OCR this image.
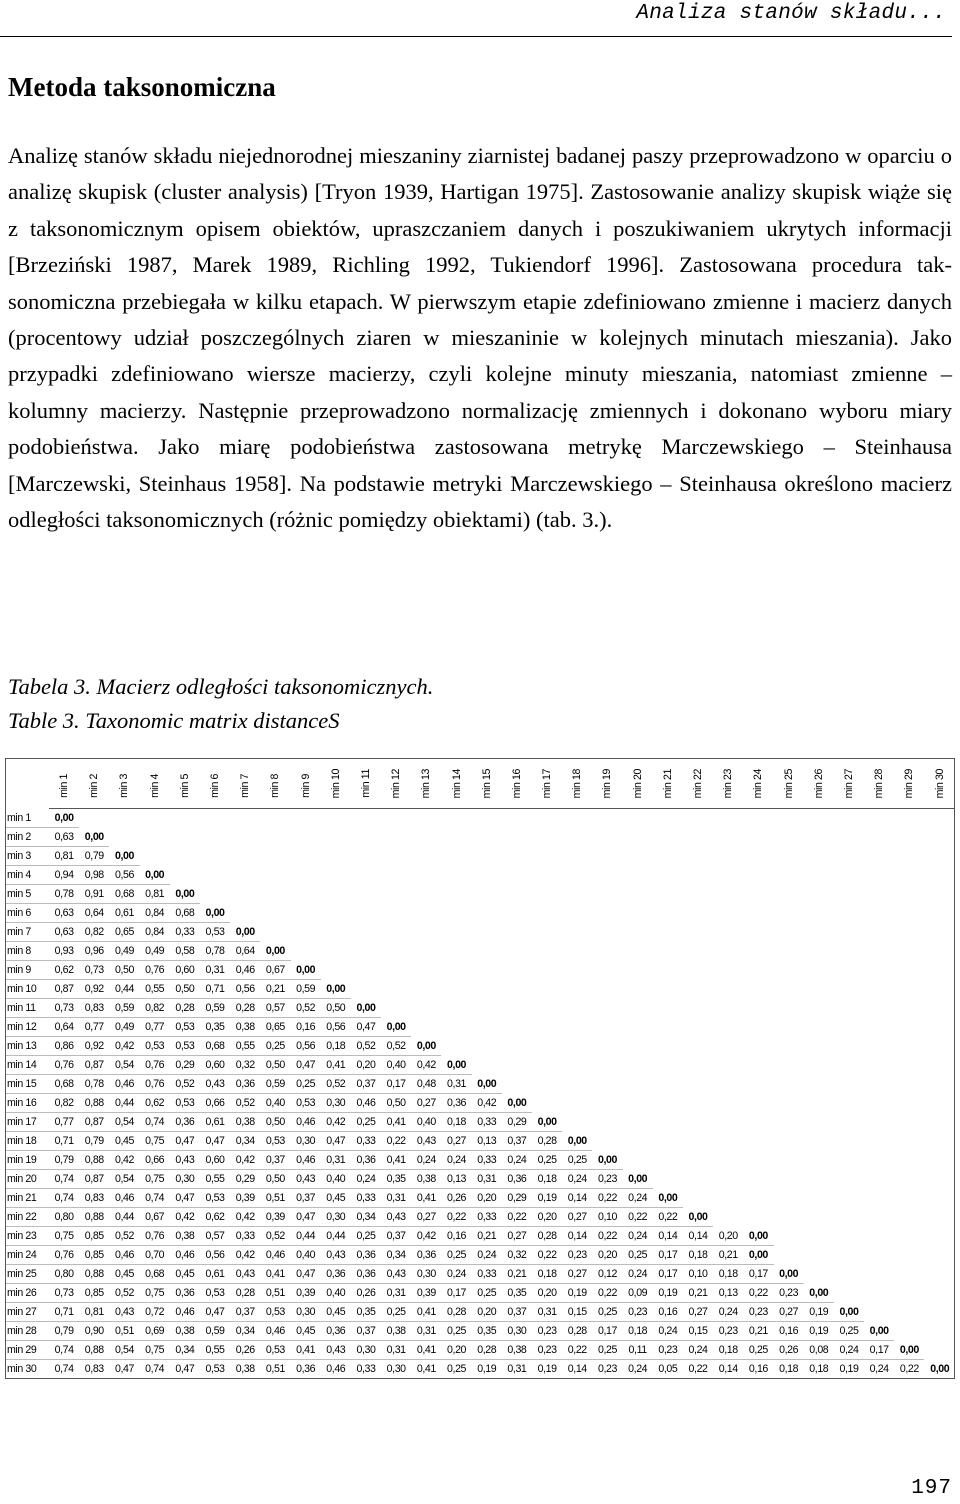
Analiza stanów składu...
Metoda taksonomiczna

Analizę stanów składu niejednorodnej mieszaniny ziarnistej badanej paszy przeprowadzono w oparciu o analizę skupisk (cluster analysis) [Tryon 1939, Hartigan 1975]. Zastosowanie analizy skupisk wiąże się z taksonomicznym opisem obiektów, upraszczaniem danych i poszukiwaniem ukrytych informacji [Brzeziński 1987, Marek 1989, Richling 1992, Tukiendorf 1996]. Zastosowana procedura taksonomiczna przebiegała w kilku etapach. W pierwszym etapie zdefiniowano zmienne i macierz danych (procentowy udział poszczególnych ziaren w mieszaninie w kolejnych minutach mieszania). Jako przypadki zdefiniowano wiersze macierzy, czyli kolejne minuty mieszania, natomiast zmienne – kolumny macierzy. Następnie przeprowadzono normalizację zmiennych i dokonano wyboru miary podobieństwa. Jako miarę podobieństwa zastosowana metrykę Marczewskiego – Steinhausa [Marczewski, Steinhaus 1958]. Na podstawie metryki Marczewskiego – Steinhausa określono macierz odległości taksonomicznych (różnic pomiędzy obiektami) (tab. 3.).

Tabela 3. Macierz odległości taksonomicznych.

Table 3. Taxonomic matrix distanceS

	min 1	min 2	min 3	min 4	min 5	min 6	min 7	min 8	min 9	min 10	min 11	min 12	min 13	min 14	min 15	min 16	min 17	min 18	min 19	min 20	min 21	min 22	min 23	min 24	min 25	min 26	min 27	min 28	min 29	min 30
min 1	0,00																													
min 2	0,63	0,00																												
min 3	0,81	0,79	0,00																											
min 4	0,94	0,98	0,56	0,00																										
min 5	0,78	0,91	0,68	0,81	0,00																									
min 6	0,63	0,64	0,61	0,84	0,68	0,00																								
min 7	0,63	0,82	0,65	0,84	0,33	0,53	0,00																							
min 8	0,93	0,96	0,49	0,49	0,58	0,78	0,64	0,00																						
min 9	0,62	0,73	0,50	0,76	0,60	0,31	0,46	0,67	0,00																					
min 10	0,87	0,92	0,44	0,55	0,50	0,71	0,56	0,21	0,59	0,00																				
min 11	0,73	0,83	0,59	0,82	0,28	0,59	0,28	0,57	0,52	0,50	0,00																			
min 12	0,64	0,77	0,49	0,77	0,53	0,35	0,38	0,65	0,16	0,56	0,47	0,00																		
min 13	0,86	0,92	0,42	0,53	0,53	0,68	0,55	0,25	0,56	0,18	0,52	0,52	0,00																	
min 14	0,76	0,87	0,54	0,76	0,29	0,60	0,32	0,50	0,47	0,41	0,20	0,40	0,42	0,00																
min 15	0,68	0,78	0,46	0,76	0,52	0,43	0,36	0,59	0,25	0,52	0,37	0,17	0,48	0,31	0,00															
min 16	0,82	0,88	0,44	0,62	0,53	0,66	0,52	0,40	0,53	0,30	0,46	0,50	0,27	0,36	0,42	0,00														
min 17	0,77	0,87	0,54	0,74	0,36	0,61	0,38	0,50	0,46	0,42	0,25	0,41	0,40	0,18	0,33	0,29	0,00													
min 18	0,71	0,79	0,45	0,75	0,47	0,47	0,34	0,53	0,30	0,47	0,33	0,22	0,43	0,27	0,13	0,37	0,28	0,00												
min 19	0,79	0,88	0,42	0,66	0,43	0,60	0,42	0,37	0,46	0,31	0,36	0,41	0,24	0,24	0,33	0,24	0,25	0,25	0,00											
min 20	0,74	0,87	0,54	0,75	0,30	0,55	0,29	0,50	0,43	0,40	0,24	0,35	0,38	0,13	0,31	0,36	0,18	0,24	0,23	0,00										
min 21	0,74	0,83	0,46	0,74	0,47	0,53	0,39	0,51	0,37	0,45	0,33	0,31	0,41	0,26	0,20	0,29	0,19	0,14	0,22	0,24	0,00									
min 22	0,80	0,88	0,44	0,67	0,42	0,62	0,42	0,39	0,47	0,30	0,34	0,43	0,27	0,22	0,33	0,22	0,20	0,27	0,10	0,22	0,22	0,00								
min 23	0,75	0,85	0,52	0,76	0,38	0,57	0,33	0,52	0,44	0,44	0,25	0,37	0,42	0,16	0,21	0,27	0,28	0,14	0,22	0,24	0,14	0,14	0,20	0,00						
min 24	0,76	0,85	0,46	0,70	0,46	0,56	0,42	0,46	0,40	0,43	0,36	0,34	0,36	0,25	0,24	0,32	0,22	0,23	0,20	0,25	0,17	0,18	0,21	0,00						
min 25	0,80	0,88	0,45	0,68	0,45	0,61	0,43	0,41	0,47	0,36	0,36	0,43	0,30	0,24	0,33	0,21	0,18	0,27	0,12	0,24	0,17	0,10	0,18	0,17	0,00					
min 26	0,73	0,85	0,52	0,75	0,36	0,53	0,28	0,51	0,39	0,40	0,26	0,31	0,39	0,17	0,25	0,35	0,20	0,19	0,22	0,09	0,19	0,21	0,13	0,22	0,23	0,00				
min 27	0,71	0,81	0,43	0,72	0,46	0,47	0,37	0,53	0,30	0,45	0,35	0,25	0,41	0,28	0,20	0,37	0,31	0,15	0,25	0,23	0,16	0,27	0,24	0,23	0,27	0,19	0,00			
min 28	0,79	0,90	0,51	0,69	0,38	0,59	0,34	0,46	0,45	0,36	0,37	0,38	0,31	0,25	0,35	0,30	0,23	0,28	0,17	0,18	0,24	0,15	0,23	0,21	0,16	0,19	0,25	0,00		
min 29	0,74	0,88	0,54	0,75	0,34	0,55	0,26	0,53	0,41	0,43	0,30	0,31	0,41	0,20	0,28	0,38	0,23	0,22	0,25	0,11	0,23	0,24	0,18	0,25	0,26	0,08	0,24	0,17	0,00	
min 30	0,74	0,83	0,47	0,74	0,47	0,53	0,38	0,51	0,36	0,46	0,33	0,30	0,41	0,25	0,19	0,31	0,19	0,14	0,23	0,24	0,05	0,22	0,14	0,16	0,18	0,18	0,19	0,24	0,22	0,00
197
